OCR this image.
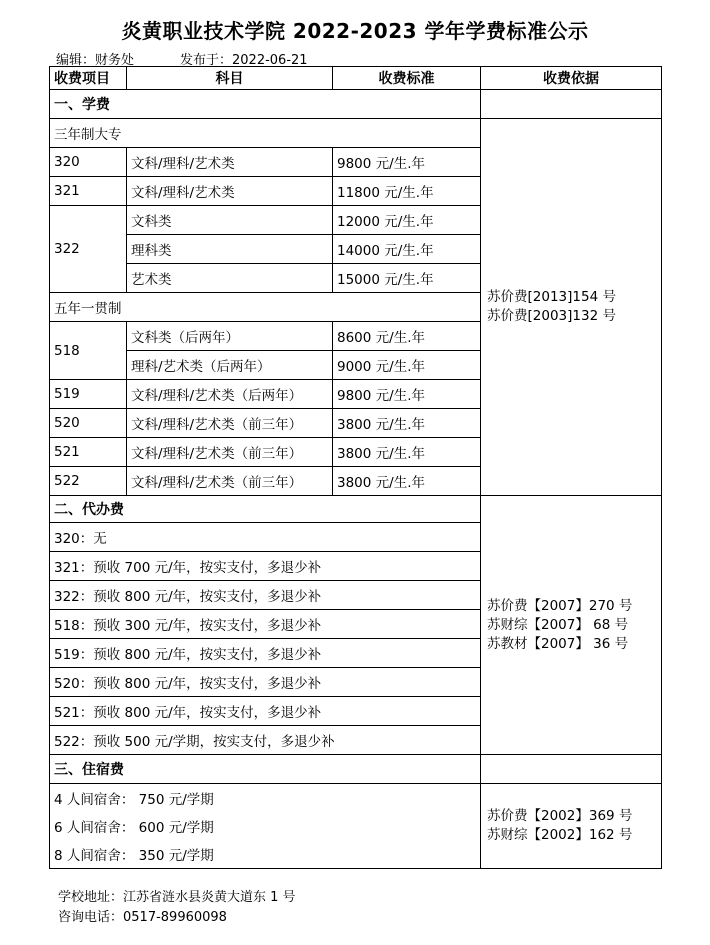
炎黄职业技术学院 2022-2023 学年学费标准公示
编辑：财务处	发布于：2022-06-21
收费项目	科目	收费标准	收费依据
一、学费			
三年制大专			苏价费[2013]154 号
苏价费[2003]132 号

320	文科/理科/艺术类	9800 元/生.年	
321	文科/理科/艺术类	11800 元/生.年	
322	文科类	12000 元/生.年	
	理科类	14000 元/生.年	
	艺术类	15000 元/生.年	
五年一贯制			
518	文科类（后两年）	8600 元/生.年	
	理科/艺术类（后两年）	9000 元/生.年	
519	文科/理科/艺术类（后两年）	9800 元/生.年	
520	文科/理科/艺术类（前三年）	3800 元/生.年	
521	文科/理科/艺术类（前三年）	3800 元/生.年	
522	文科/理科/艺术类（前三年）	3800 元/生.年	
二、代办费			苏价费【2007】270 号
苏财综【2007】 68 号
苏教材【2007】 36 号

320：无			
321：预收 700 元/年，按实支付，多退少补			
322：预收 800 元/年，按实支付，多退少补			
518：预收 300 元/年，按实支付，多退少补			
519：预收 800 元/年，按实支付，多退少补			
520：预收 800 元/年，按实支付，多退少补			
521：预收 800 元/年，按实支付，多退少补			
522：预收 500 元/学期，按实支付，多退少补			
三、住宿费			
4 人间宿舍： 750 元/学期			苏价费【2002】369 号
苏财综【2002】162 号

6 人间宿舍： 600 元/学期			
8 人间宿舍： 350 元/学期			
学校地址：江苏省涟水县炎黄大道东 1 号
咨询电话：0517-89960098
